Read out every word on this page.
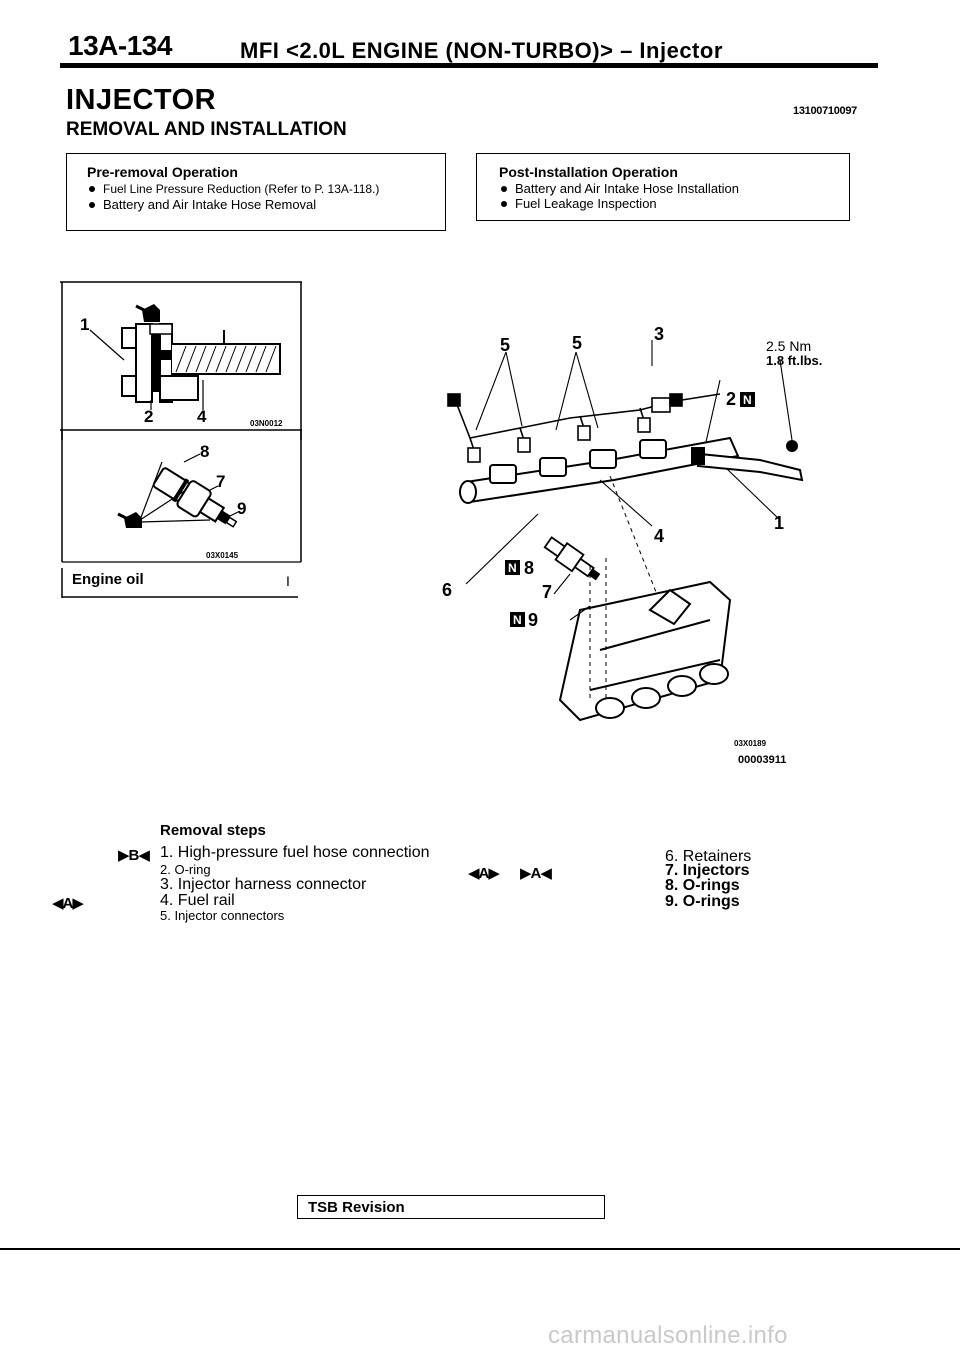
13A-134	MFI <2.0L ENGINE (NON-TURBO)> – Injector
INJECTOR	13100710097
REMOVAL AND INSTALLATION
Pre-removal Operation
Fuel Line Pressure Reduction (Refer to P. 13A-118.)
Battery and Air Intake Hose Removal
Post-Installation Operation
Battery and Air Intake Hose Installation
Fuel Leakage Inspection
1
2	4	03N0012
8
7
9
03X0145
Engine oil	I
5	5	3
2
1
4
8
6	7
9
N
N
N
2.5 Nm
1.8 ft.lbs.
03X0189
00003911
Removal steps
▶B◀ 1. High-pressure fuel hose connection
2. O-ring
3. Injector harness connector
◀A▶	4. Fuel rail
5. Injector connectors
6. Retainers
◀A▶ ▶A◀	7. Injectors
8. O-rings
9. O-rings
TSB Revision
carmanualsonline.info
